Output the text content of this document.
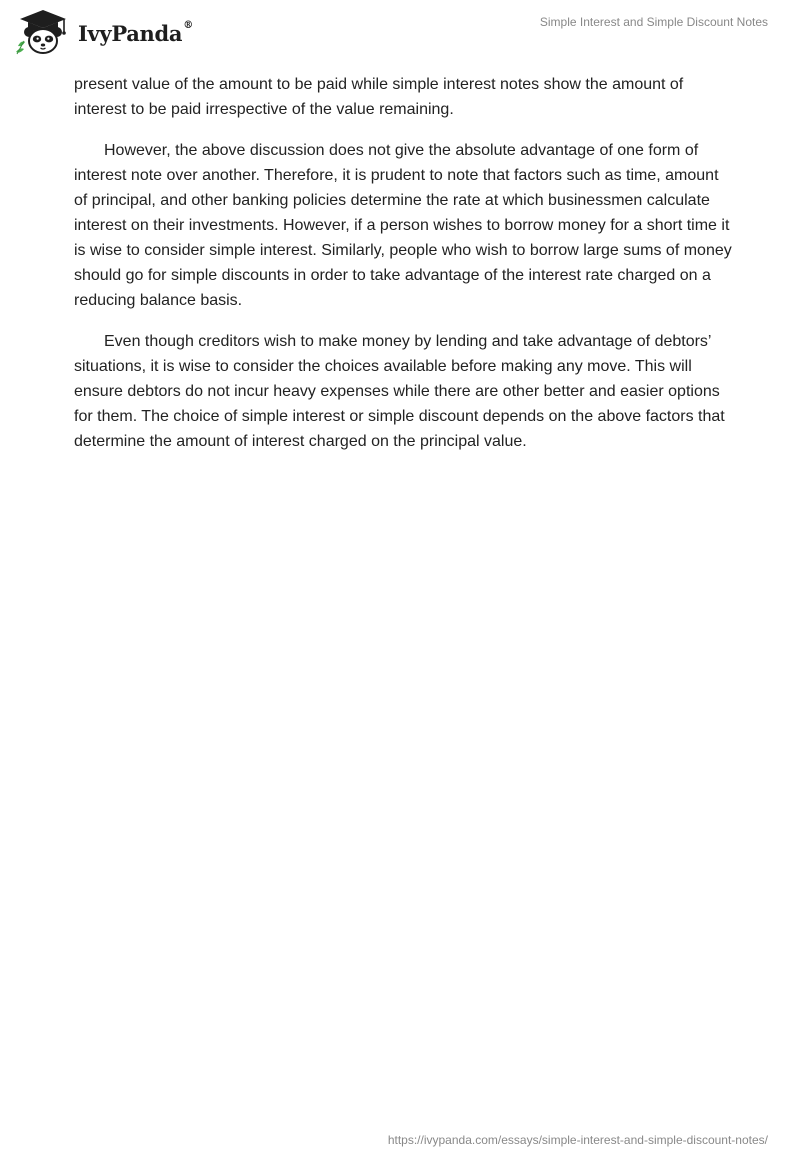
IvyPanda®	Simple Interest and Simple Discount Notes

present value of the amount to be paid while simple interest notes show the amount of interest to be paid irrespective of the value remaining.

However, the above discussion does not give the absolute advantage of one form of interest note over another. Therefore, it is prudent to note that factors such as time, amount of principal, and other banking policies determine the rate at which businessmen calculate interest on their investments. However, if a person wishes to borrow money for a short time it is wise to consider simple interest. Similarly, people who wish to borrow large sums of money should go for simple discounts in order to take advantage of the interest rate charged on a reducing balance basis.

Even though creditors wish to make money by lending and take advantage of debtors’ situations, it is wise to consider the choices available before making any move. This will ensure debtors do not incur heavy expenses while there are other better and easier options for them. The choice of simple interest or simple discount depends on the above factors that determine the amount of interest charged on the principal value.

https://ivypanda.com/essays/simple-interest-and-simple-discount-notes/
